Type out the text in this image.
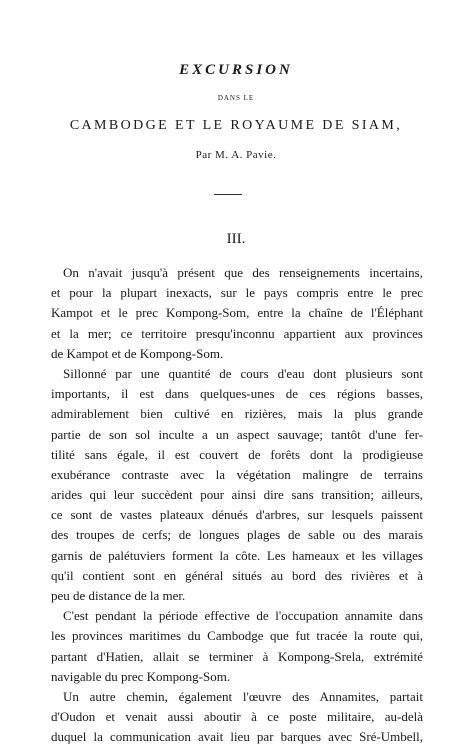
EXCURSION
DANS LE
CAMBODGE ET LE ROYAUME DE SIAM,
Par M. A. Pavie.
III.
On n'avait jusqu'à présent que des renseignements incertains,
et pour la plupart inexacts, sur le pays compris entre le prec
Kampot et le prec Kompong-Som, entre la chaîne de l'Éléphant
et la mer; ce territoire presqu'inconnu appartient aux provinces
de Kampot et de Kompong-Som.
Sillonné par une quantité de cours d'eau dont plusieurs sont
importants, il est dans quelques-unes de ces régions basses,
admirablement bien cultivé en rizières, mais la plus grande
partie de son sol inculte a un aspect sauvage; tantôt d'une fer-
tilité sans égale, il est couvert de forêts dont la prodigieuse
exubérance contraste avec la végétation malingre de terrains
arides qui leur succèdent pour ainsi dire sans transition; ailleurs,
ce sont de vastes plateaux dénués d'arbres, sur lesquels paissent
des troupes de cerfs; de longues plages de sable ou des marais
garnis de palétuviers forment la côte. Les hameaux et les villages
qu'il contient sont en général situés au bord des rivières et à
peu de distance de la mer.
C'est pendant la période effective de l'occupation annamite dans
les provinces maritimes du Cambodge que fut tracée la route qui,
partant d'Hatien, allait se terminer à Kompong-Srela, extrémité
navigable du prec Kompong-Som.
Un autre chemin, également l'œuvre des Annamites, partait
d'Oudon et venait aussi aboutir à ce poste militaire, au-delà
duquel la communication avait lieu par barques avec Sré-Umbell,
